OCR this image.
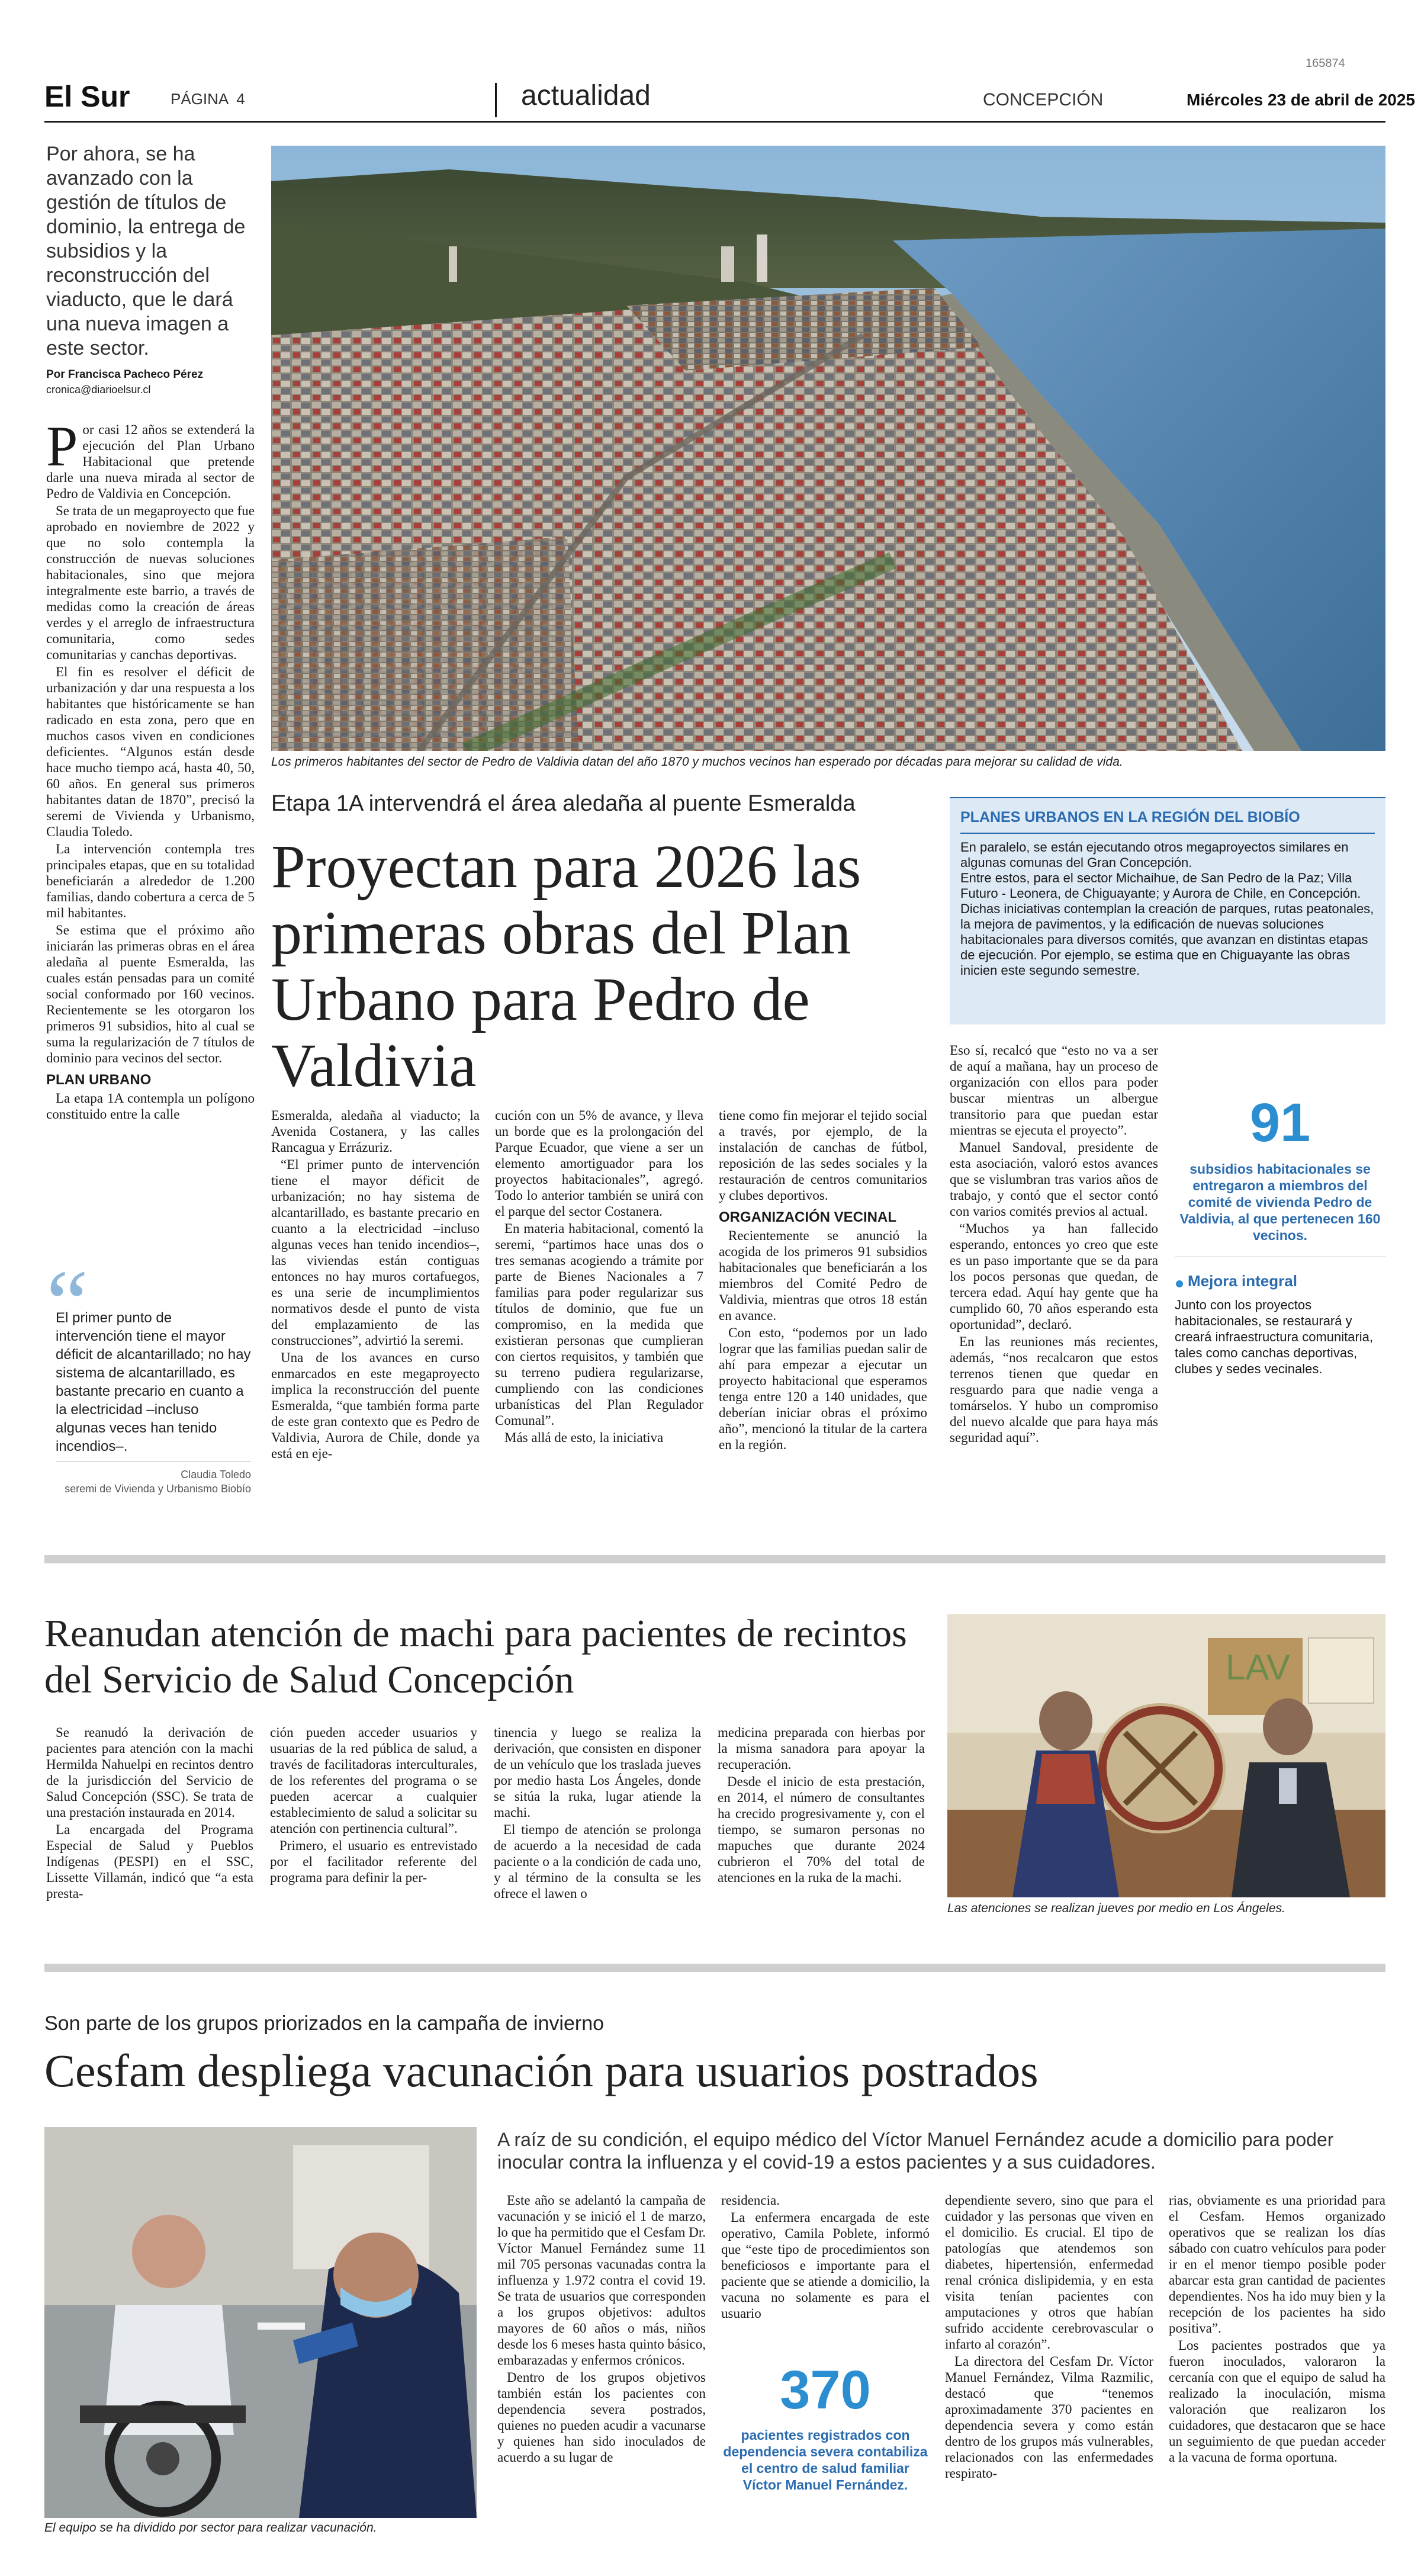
165874
El Sur	PÁGINA  4	actualidad	CONCEPCIÓN	Miércoles 23 de abril de 2025
Por ahora, se ha avanzado con la gestión de títulos de dominio, la entrega de subsidios y la reconstrucción del viaducto, que le dará una nueva imagen a este sector.
Por Francisca Pacheco Pérez
cronica@diarioelsur.cl
Los primeros habitantes del sector de Pedro de Valdivia datan del año 1870 y muchos vecinos han esperado por décadas para mejorar su calidad de vida.
Etapa 1A intervendrá el área aledaña al puente Esmeralda
Proyectan para 2026 las primeras obras del Plan Urbano para Pedro de Valdivia
P or casi 12 años se extenderá la ejecución del Plan Urbano Habitacional que pretende darle una nueva mirada al sector de Pedro de Valdivia en Concepción.

Se trata de un megaproyecto que fue aprobado en noviembre de 2022 y que no solo contempla la construcción de nuevas soluciones habitacionales, sino que mejora integralmente este barrio, a través de medidas como la creación de áreas verdes y el arreglo de infraestructura comunitaria, como sedes comunitarias y canchas deportivas.

El fin es resolver el déficit de urbanización y dar una respuesta a los habitantes que históricamente se han radicado en esta zona, pero que en muchos casos viven en condiciones deficientes. “Algunos están desde hace mucho tiempo acá, hasta 40, 50, 60 años. En general sus primeros habitantes datan de 1870”, precisó la seremi de Vivienda y Urbanismo, Claudia Toledo.

La intervención contempla tres principales etapas, que en su totalidad beneficiarán a alrededor de 1.200 familias, dando cobertura a cerca de 5 mil habitantes.

Se estima que el próximo año iniciarán las primeras obras en el área aledaña al puente Esmeralda, las cuales están pensadas para un comité social conformado por 160 vecinos. Recientemente se les otorgaron los primeros 91 subsidios, hito al cual se suma la regularización de 7 títulos de dominio para vecinos del sector.

PLAN URBANO

La etapa 1A contempla un polígono constituido entre la calle

“
El primer punto de intervención tiene el mayor déficit de alcantarillado; no hay sistema de alcantarillado, es bastante precario en cuanto a la electricidad –incluso algunas veces han tenido incendios–.
Claudia Toledo
seremi de Vivienda y Urbanismo Biobío

Esmeralda, aledaña al viaducto; la Avenida Costanera, y las calles Rancagua y Errázuriz.

“El primer punto de intervención tiene el mayor déficit de urbanización; no hay sistema de alcantarillado, es bastante precario en cuanto a la electricidad –incluso algunas veces han tenido incendios–, las viviendas están contiguas entonces no hay muros cortafuegos, es una serie de incumplimientos normativos desde el punto de vista del emplazamiento de las construcciones”, advirtió la seremi.

Una de los avances en curso enmarcados en este megaproyecto implica la reconstrucción del puente Esmeralda, “que también forma parte de este gran contexto que es Pedro de Valdivia, Aurora de Chile, donde ya está en eje-

cución con un 5% de avance, y lleva un borde que es la prolongación del Parque Ecuador, que viene a ser un elemento amortiguador para los proyectos habitacionales”, agregó. Todo lo anterior también se unirá con el parque del sector Costanera.

En materia habitacional, comentó la seremi, “partimos hace unas dos o tres semanas acogiendo a trámite por parte de Bienes Nacionales a 7 familias para poder regularizar sus títulos de dominio, que fue un compromiso, en la medida que existieran personas que cumplieran con ciertos requisitos, y también que su terreno pudiera regularizarse, cumpliendo con las condiciones urbanísticas del Plan Regulador Comunal”.

Más allá de esto, la iniciativa

tiene como fin mejorar el tejido social a través, por ejemplo, de la instalación de canchas de fútbol, reposición de las sedes sociales y la restauración de centros comunitarios y clubes deportivos.

ORGANIZACIÓN VECINAL

Recientemente se anunció la acogida de los primeros 91 subsidios habitacionales que beneficiarán a los miembros del Comité Pedro de Valdivia, mientras que otros 18 están en avance.

Con esto, “podemos por un lado lograr que las familias puedan salir de ahí para empezar a ejecutar un proyecto habitacional que esperamos tenga entre 120 a 140 unidades, que deberían iniciar obras el próximo año”, mencionó la titular de la cartera en la región.

PLANES URBANOS EN LA REGIÓN DEL BIOBÍO

En paralelo, se están ejecutando otros megaproyectos similares en algunas comunas del Gran Concepción.

Entre estos, para el sector Michaihue, de San Pedro de la Paz; Villa Futuro - Leonera, de Chiguayante; y Aurora de Chile, en Concepción.

Dichas iniciativas contemplan la creación de parques, rutas peatonales, la mejora de pavimentos, y la edificación de nuevas soluciones habitacionales para diversos comités, que avanzan en distintas etapas de ejecución. Por ejemplo, se estima que en Chiguayante las obras inicien este segundo semestre.

Eso sí, recalcó que “esto no va a ser de aquí a mañana, hay un proceso de organización con ellos para poder buscar mientras un albergue transitorio para que puedan estar mientras se ejecuta el proyecto”.

Manuel Sandoval, presidente de esta asociación, valoró estos avances que se vislumbran tras varios años de trabajo, y contó que el sector contó con varios comités previos al actual.

“Muchos ya han fallecido esperando, entonces yo creo que este es un paso importante que se da para los pocos personas que quedan, de tercera edad. Aquí hay gente que ha cumplido 60, 70 años esperando esta oportunidad”, declaró.

En las reuniones más recientes, además, “nos recalcaron que estos terrenos tienen que quedar en resguardo para que nadie venga a tomárselos. Y hubo un compromiso del nuevo alcalde que para haya más seguridad aquí”.

91
subsidios habitacionales se entregaron a miembros del comité de vivienda Pedro de Valdivia, al que pertenecen 160 vecinos.
Mejora integral
Junto con los proyectos habitacionales, se restaurará y creará infraestructura comunitaria, tales como canchas deportivas, clubes y sedes vecinales.
Reanudan atención de machi para pacientes de recintos del Servicio de Salud Concepción

Se reanudó la derivación de pacientes para atención con la machi Hermilda Nahuelpi en recintos dentro de la jurisdicción del Servicio de Salud Concepción (SSC). Se trata de una prestación instaurada en 2014.

La encargada del Programa Especial de Salud y Pueblos Indígenas (PESPI) en el SSC, Lissette Villamán, indicó que “a esta presta-

ción pueden acceder usuarios y usuarias de la red pública de salud, a través de facilitadoras interculturales, de los referentes del programa o se pueden acercar a cualquier establecimiento de salud a solicitar su atención con pertinencia cultural”.

Primero, el usuario es entrevistado por el facilitador referente del programa para definir la per-

tinencia y luego se realiza la derivación, que consisten en disponer de un vehículo que los traslada jueves por medio hasta Los Ángeles, donde se sitúa la ruka, lugar atiende la machi.

El tiempo de atención se prolonga de acuerdo a la necesidad de cada paciente o a la condición de cada uno, y al término de la consulta se les ofrece el lawen o

medicina preparada con hierbas por la misma sanadora para apoyar la recuperación.

Desde el inicio de esta prestación, en 2014, el número de consultantes ha crecido progresivamente y, con el tiempo, se sumaron personas no mapuches que durante 2024 cubrieron el 70% del total de atenciones en la ruka de la machi.

LAV
Las atenciones se realizan jueves por medio en Los Ángeles.
Son parte de los grupos priorizados en la campaña de invierno
Cesfam despliega vacunación para usuarios postrados
El equipo se ha dividido por sector para realizar vacunación.
A raíz de su condición, el equipo médico del Víctor Manuel Fernández acude a domicilio para poder inocular contra la influenza y el covid-19 a estos pacientes y a sus cuidadores.

Este año se adelantó la campaña de vacunación y se inició el 1 de marzo, lo que ha permitido que el Cesfam Dr. Víctor Manuel Fernández sume 11 mil 705 personas vacunadas contra la influenza y 1.972 contra el covid 19. Se trata de usuarios que corresponden a los grupos objetivos: adultos mayores de 60 años o más, niños desde los 6 meses hasta quinto básico, embarazadas y enfermos crónicos.

Dentro de los grupos objetivos también están los pacientes con dependencia severa postrados, quienes no pueden acudir a vacunarse y quienes han sido inoculados de acuerdo a su lugar de

residencia.

La enfermera encargada de este operativo, Camila Poblete, informó que “este tipo de procedimientos son beneficiosos e importante para el paciente que se atiende a domicilio, la vacuna no solamente es para el usuario

370
pacientes registrados con dependencia severa contabiliza el centro de salud familiar Víctor Manuel Fernández.

dependiente severo, sino que para el cuidador y las personas que viven en el domicilio. Es crucial. El tipo de patologías que atendemos son diabetes, hipertensión, enfermedad renal crónica dislipidemia, y en esta visita tenían pacientes con amputaciones y otros que habían sufrido accidente cerebrovascular o infarto al corazón”.

La directora del Cesfam Dr. Víctor Manuel Fernández, Vilma Razmilic, destacó que “tenemos aproximadamente 370 pacientes en dependencia severa y como están dentro de los grupos más vulnerables, relacionados con las enfermedades respirato-

rias, obviamente es una prioridad para el Cesfam. Hemos organizado operativos que se realizan los días sábado con cuatro vehículos para poder ir en el menor tiempo posible poder abarcar esta gran cantidad de pacientes dependientes. Nos ha ido muy bien y la recepción de los pacientes ha sido positiva”.

Los pacientes postrados que ya fueron inoculados, valoraron la cercanía con que el equipo de salud ha realizado la inoculación, misma valoración que realizaron los cuidadores, que destacaron que se hace un seguimiento de que puedan acceder a la vacuna de forma oportuna.
